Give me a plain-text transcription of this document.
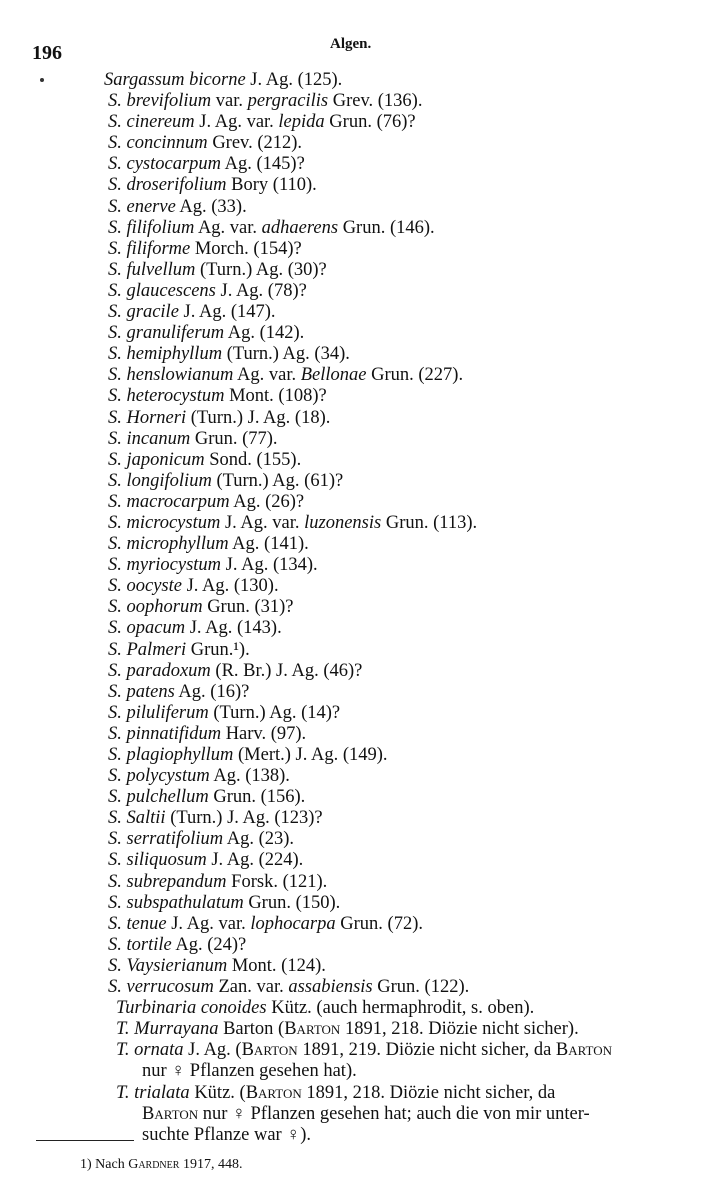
196	Algen.
Sargassum bicorne J. Ag. (125).
S. brevifolium var. pergracilis Grev. (136).
S. cinereum J. Ag. var. lepida Grun. (76)?
S. concinnum Grev. (212).
S. cystocarpum Ag. (145)?
S. droserifolium Bory (110).
S. enerve Ag. (33).
S. filifolium Ag. var. adhaerens Grun. (146).
S. filiforme Morch. (154)?
S. fulvellum (Turn.) Ag. (30)?
S. glaucescens J. Ag. (78)?
S. gracile J. Ag. (147).
S. granuliferum Ag. (142).
S. hemiphyllum (Turn.) Ag. (34).
S. henslowianum Ag. var. Bellonae Grun. (227).
S. heterocystum Mont. (108)?
S. Horneri (Turn.) J. Ag. (18).
S. incanum Grun. (77).
S. japonicum Sond. (155).
S. longifolium (Turn.) Ag. (61)?
S. macrocarpum Ag. (26)?
S. microcystum J. Ag. var. luzonensis Grun. (113).
S. microphyllum Ag. (141).
S. myriocystum J. Ag. (134).
S. oocyste J. Ag. (130).
S. oophorum Grun. (31)?
S. opacum J. Ag. (143).
S. Palmeri Grun.¹).
S. paradoxum (R. Br.) J. Ag. (46)?
S. patens Ag. (16)?
S. piluliferum (Turn.) Ag. (14)?
S. pinnatifidum Harv. (97).
S. plagiophyllum (Mert.) J. Ag. (149).
S. polycystum Ag. (138).
S. pulchellum Grun. (156).
S. Saltii (Turn.) J. Ag. (123)?
S. serratifolium Ag. (23).
S. siliquosum J. Ag. (224).
S. subrepandum Forsk. (121).
S. subspathulatum Grun. (150).
S. tenue J. Ag. var. lophocarpa Grun. (72).
S. tortile Ag. (24)?
S. Vaysierianum Mont. (124).
S. verrucosum Zan. var. assabiensis Grun. (122).
Turbinaria conoides Kütz. (auch hermaphrodit, s. oben).
T. Murrayana Barton (Barton 1891, 218. Diözie nicht sicher).
T. ornata J. Ag. (Barton 1891, 219. Diözie nicht sicher, da Barton
nur ♀ Pflanzen gesehen hat).
T. trialata Kütz. (Barton 1891, 218. Diözie nicht sicher, da
Barton nur ♀ Pflanzen gesehen hat; auch die von mir unter-
suchte Pflanze war ♀).
1) Nach Gardner 1917, 448.
